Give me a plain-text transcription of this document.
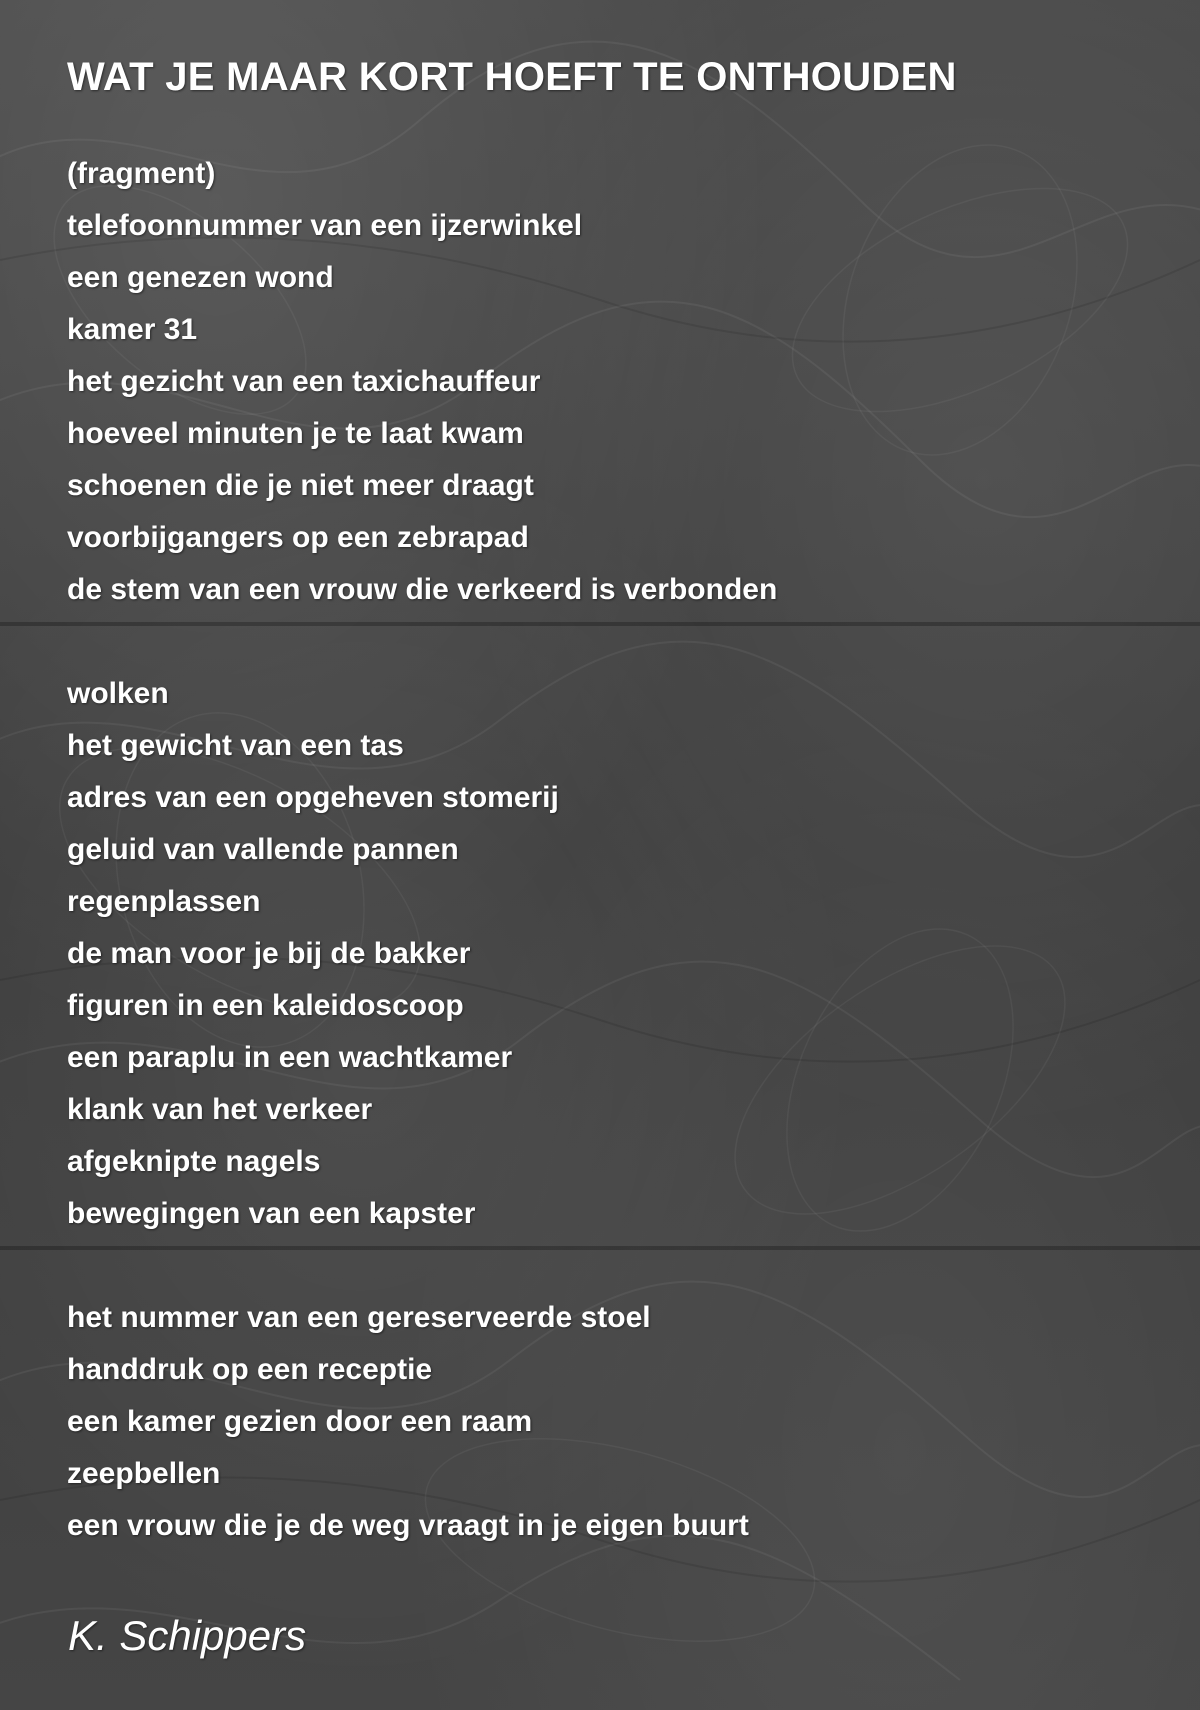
WAT JE MAAR KORT HOEFT TE ONTHOUDEN
(fragment)
telefoonnummer van een ijzerwinkel
een genezen wond
kamer 31
het gezicht van een taxichauffeur
hoeveel minuten je te laat kwam
schoenen die je niet meer draagt
voorbijgangers op een zebrapad
de stem van een vrouw die verkeerd is verbonden
wolken
het gewicht van een tas
adres van een opgeheven stomerij
geluid van vallende pannen
regenplassen
de man voor je bij de bakker
figuren in een kaleidoscoop
een paraplu in een wachtkamer
klank van het verkeer
afgeknipte nagels
bewegingen van een kapster
het nummer van een gereserveerde stoel
handdruk op een receptie
een kamer gezien door een raam
zeepbellen
een vrouw die je de weg vraagt in je eigen buurt

K. Schippers
